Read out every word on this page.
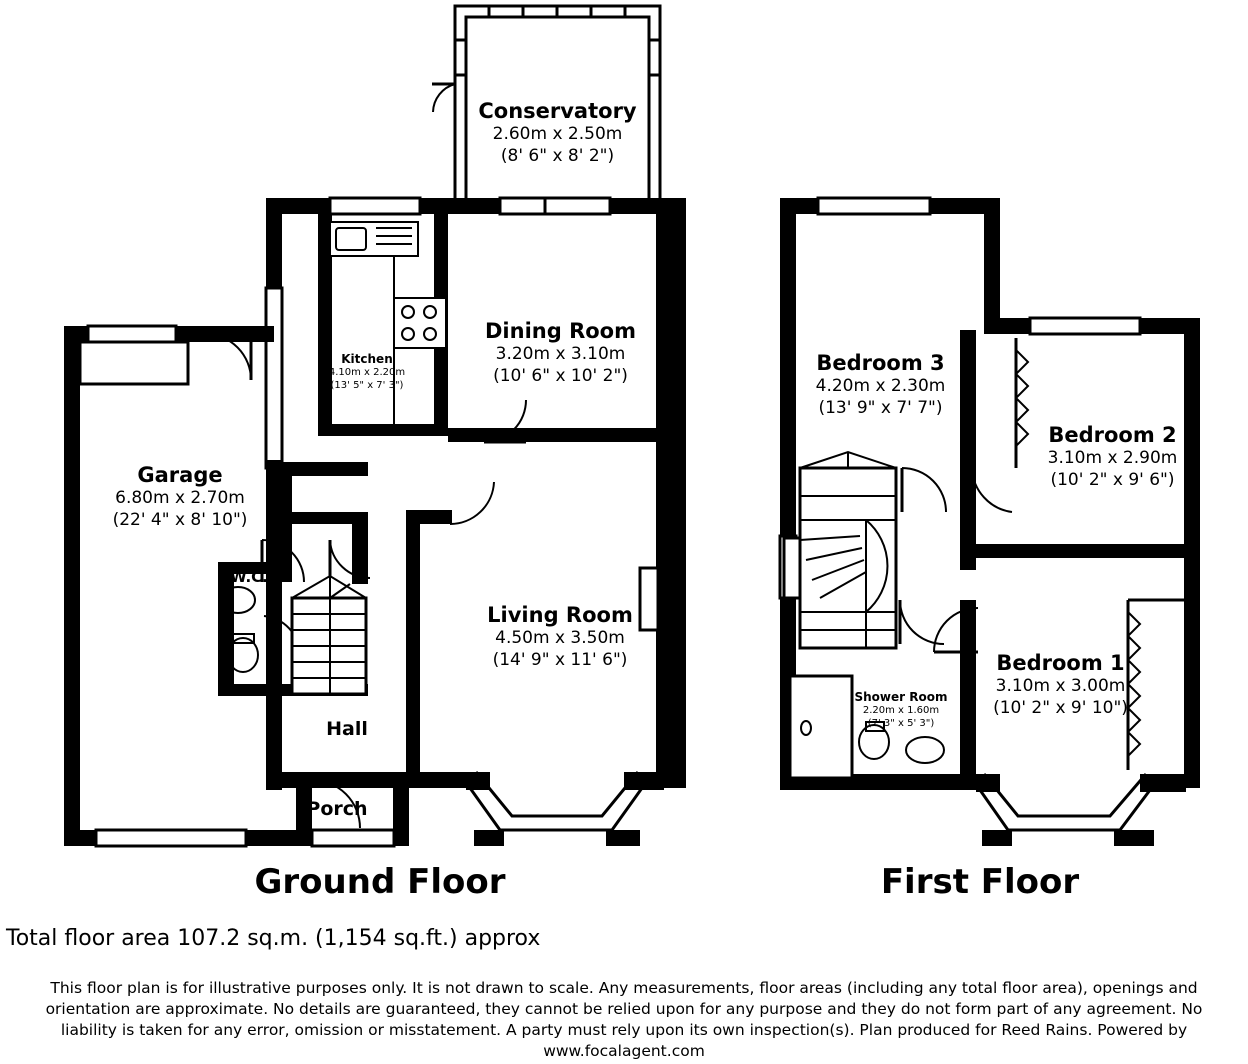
Conservatory
2.60m x 2.50m
(8' 6" x 8' 2")
Dining Room
3.20m x 3.10m
(10' 6" x 10' 2")
Kitchen
4.10m x 2.20m
(13' 5" x 7' 3")
Garage
6.80m x 2.70m
(22' 4" x 8' 10")
Living Room
4.50m x 3.50m
(14' 9" x 11' 6")
W.C.
Hall
Porch
Bedroom 3
4.20m x 2.30m
(13' 9" x 7' 7")
Bedroom 2
3.10m x 2.90m
(10' 2" x 9' 6")
Bedroom 1
3.10m x 3.00m
(10' 2" x 9' 10")
Shower Room
2.20m x 1.60m
(7' 3" x 5' 3")
Ground Floor	First Floor
Total floor area 107.2 sq.m. (1,154 sq.ft.) approx
This floor plan is for illustrative purposes only. It is not drawn to scale. Any measurements, floor areas (including any total floor area), openings and
orientation are approximate. No details are guaranteed, they cannot be relied upon for any purpose and they do not form part of any agreement. No
liability is taken for any error, omission or misstatement. A party must rely upon its own inspection(s). Plan produced for Reed Rains. Powered by
www.focalagent.com
